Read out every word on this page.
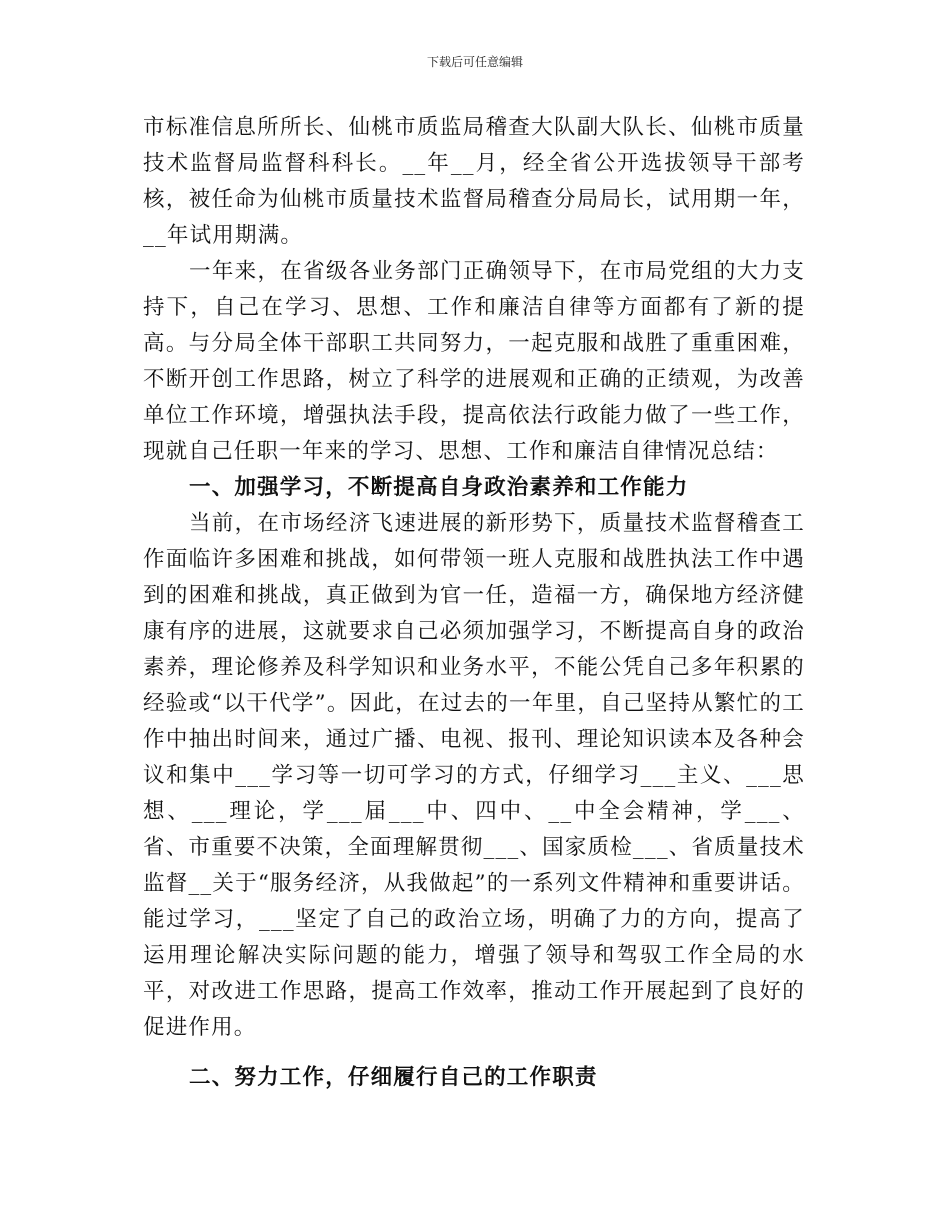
下载后可任意编辑

市标准信息所所长、仙桃市质监局稽查大队副大队长、仙桃市质量技术监督局监督科科长。__年__月，经全省公开选拔领导干部考核，被任命为仙桃市质量技术监督局稽查分局局长，试用期一年，__年试用期满。

一年来，在省级各业务部门正确领导下，在市局党组的大力支持下，自己在学习、思想、工作和廉洁自律等方面都有了新的提高。与分局全体干部职工共同努力，一起克服和战胜了重重困难，不断开创工作思路，树立了科学的进展观和正确的正绩观，为改善单位工作环境，增强执法手段，提高依法行政能力做了一些工作，现就自己任职一年来的学习、思想、工作和廉洁自律情况总结：

一、加强学习，不断提高自身政治素养和工作能力

当前，在市场经济飞速进展的新形势下，质量技术监督稽查工作面临许多困难和挑战，如何带领一班人克服和战胜执法工作中遇到的困难和挑战，真正做到为官一任，造福一方，确保地方经济健康有序的进展，这就要求自己必须加强学习，不断提高自身的政治素养，理论修养及科学知识和业务水平，不能公凭自己多年积累的经验或“以干代学”。因此，在过去的一年里，自己坚持从繁忙的工作中抽出时间来，通过广播、电视、报刊、理论知识读本及各种会议和集中___学习等一切可学习的方式，仔细学习___主义、___思想、___理论，学___届___中、四中、__中全会精神，学___、省、市重要不决策，全面理解贯彻___、国家质检___、省质量技术监督__关于“服务经济，从我做起”的一系列文件精神和重要讲话。能过学习，___坚定了自己的政治立场，明确了力的方向，提高了运用理论解决实际问题的能力，增强了领导和驾驭工作全局的水平，对改进工作思路，提高工作效率，推动工作开展起到了良好的促进作用。

二、努力工作，仔细履行自己的工作职责
